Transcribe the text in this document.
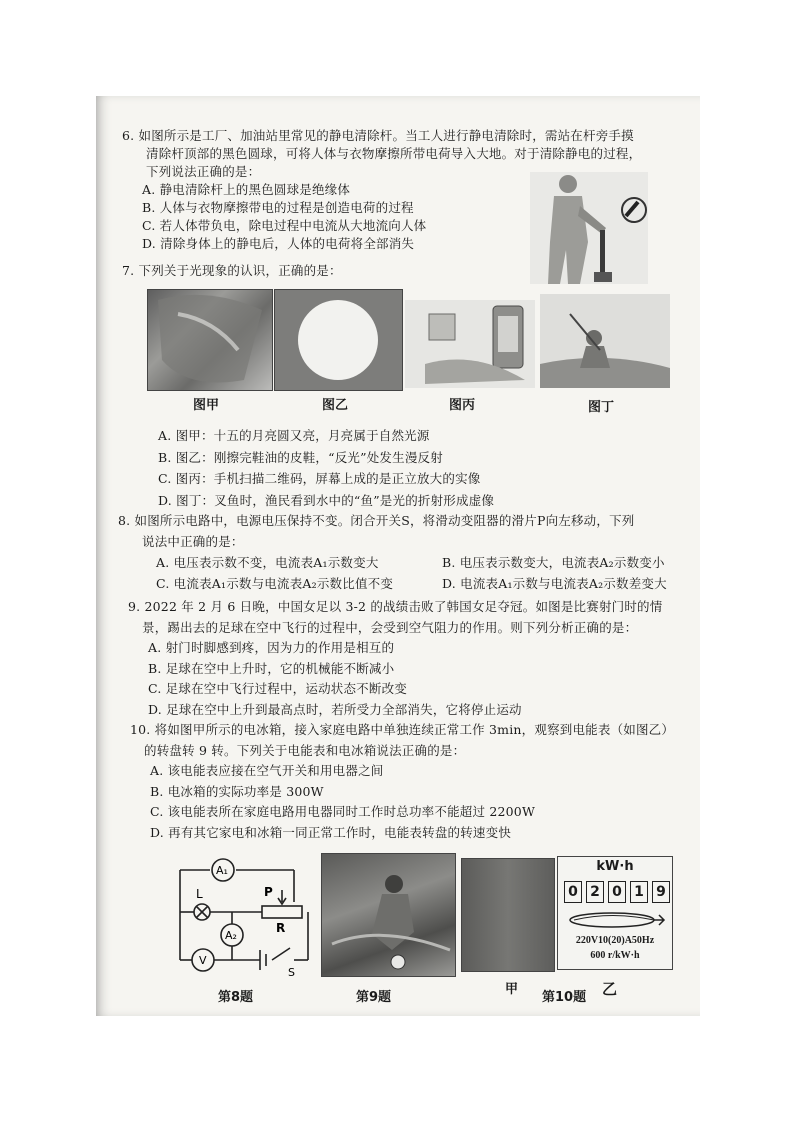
6. 如图所示是工厂、加油站里常见的静电清除杆。当工人进行静电清除时，需站在杆旁手摸
清除杆顶部的黑色圆球，可将人体与衣物摩擦所带电荷导入大地。对于清除静电的过程，
下列说法正确的是：
A. 静电清除杆上的黑色圆球是绝缘体
B. 人体与衣物摩擦带电的过程是创造电荷的过程
C. 若人体带负电，除电过程中电流从大地流向人体
D. 清除身体上的静电后，人体的电荷将全部消失
7. 下列关于光现象的认识，正确的是：
图甲	图乙	图丙	图丁
A. 图甲：十五的月亮圆又亮，月亮属于自然光源
B. 图乙：刚擦完鞋油的皮鞋，“反光”处发生漫反射
C. 图丙：手机扫描二维码，屏幕上成的是正立放大的实像
D. 图丁：叉鱼时，渔民看到水中的“鱼”是光的折射形成虚像
8. 如图所示电路中，电源电压保持不变。闭合开关S，将滑动变阻器的滑片P向左移动，下列
说法中正确的是：
A. 电压表示数不变，电流表A₁示数变大	B. 电压表示数变大，电流表A₂示数变小
C. 电流表A₁示数与电流表A₂示数比值不变	D. 电流表A₁示数与电流表A₂示数差变大
9. 2022 年 2 月 6 日晚，中国女足以 3-2 的战绩击败了韩国女足夺冠。如图是比赛射门时的情
景，踢出去的足球在空中飞行的过程中，会受到空气阻力的作用。则下列分析正确的是：
A. 射门时脚感到疼，因为力的作用是相互的
B. 足球在空中上升时，它的机械能不断减小
C. 足球在空中飞行过程中，运动状态不断改变
D. 足球在空中上升到最高点时，若所受力全部消失，它将停止运动
10. 将如图甲所示的电冰箱，接入家庭电路中单独连续正常工作 3min，观察到电能表（如图乙）
的转盘转 9 转。下列关于电能表和电冰箱说法正确的是：
A. 该电能表应接在空气开关和用电器之间
B. 电冰箱的实际功率是 300W
C. 该电能表所在家庭电路用电器同时工作时总功率不能超过 2200W
D. 再有其它家电和冰箱一同正常工作时，电能表转盘的转速变快
A₁
L
A₂
V
P
R
S
kW·h
0 2 0 1 9
220V10(20)A50Hz
600 r/kW·h
第8题	第9题
甲
第10题 乙
